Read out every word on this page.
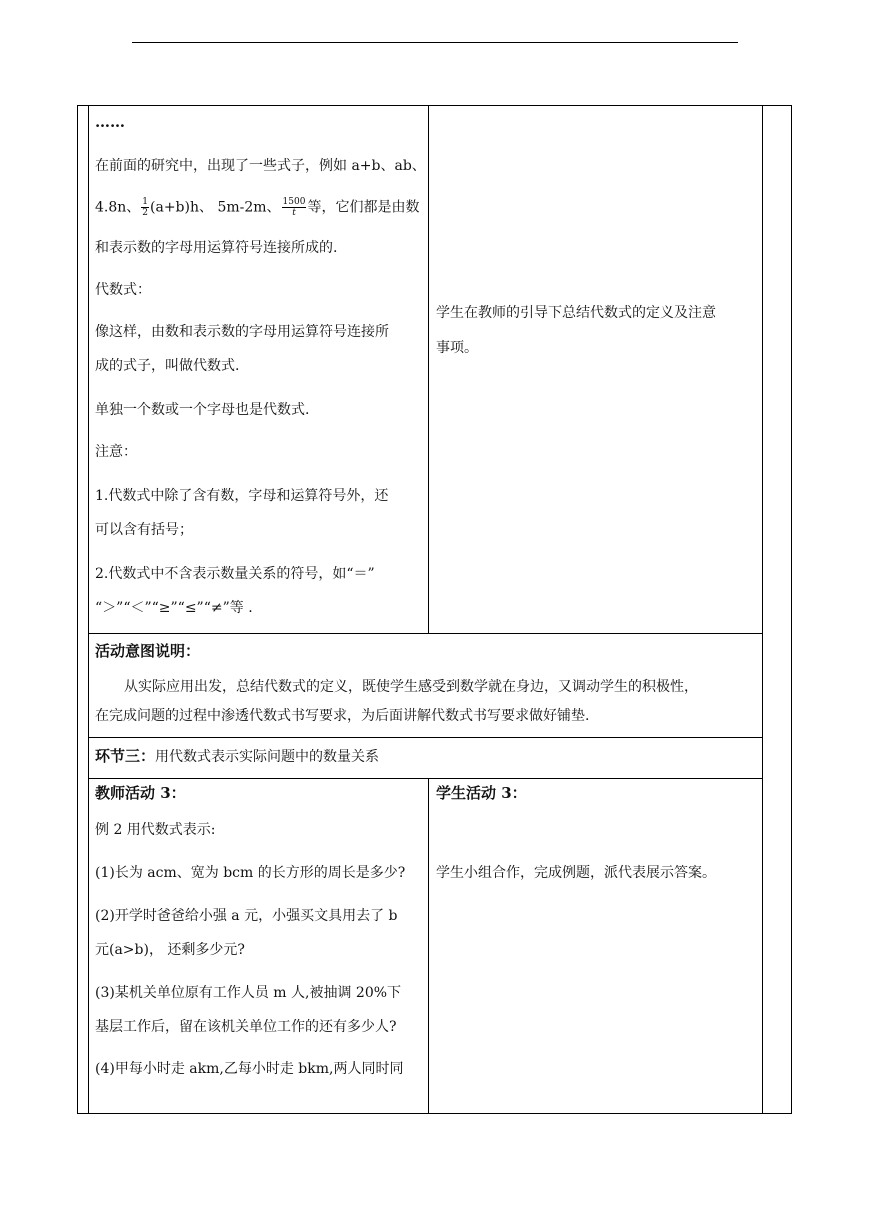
……
在前面的研究中，出现了一些式子，例如 a+b、ab、
4.8n、 $\frac{1}{2} (a+b)h$、 5m-2m、 $\frac{1500}{t}$ 等，它们都是由数
和表示数的字母用运算符号连接所成的.
代数式：
像这样，由数和表示数的字母用运算符号连接所
成的式子，叫做代数式.
单独一个数或一个字母也是代数式.
注意：
1.代数式中除了含有数，字母和运算符号外，还
可以含有括号；
2.代数式中不含表示数量关系的符号，如“＝”
“＞”“＜”“≥”“≤”“≠”等 .
学生在教师的引导下总结代数式的定义及注意
事项。
活动意图说明：
从实际应用出发，总结代数式的定义，既使学生感受到数学就在身边，又调动学生的积极性，
在完成问题的过程中渗透代数式书写要求，为后面讲解代数式书写要求做好铺垫.
环节三：用代数式表示实际问题中的数量关系
教师活动 3：
例 2 用代数式表示:
(1)长为 acm、宽为 bcm 的长方形的周长是多少?
(2)开学时爸爸给小强 a 元，小强买文具用去了 b
元(a>b)， 还剩多少元?
(3)某机关单位原有工作人员 m 人,被抽调 20%下
基层工作后，留在该机关单位工作的还有多少人?
(4)甲每小时走 akm,乙每小时走 bkm,两人同时同
学生活动 3：
学生小组合作，完成例题，派代表展示答案。
